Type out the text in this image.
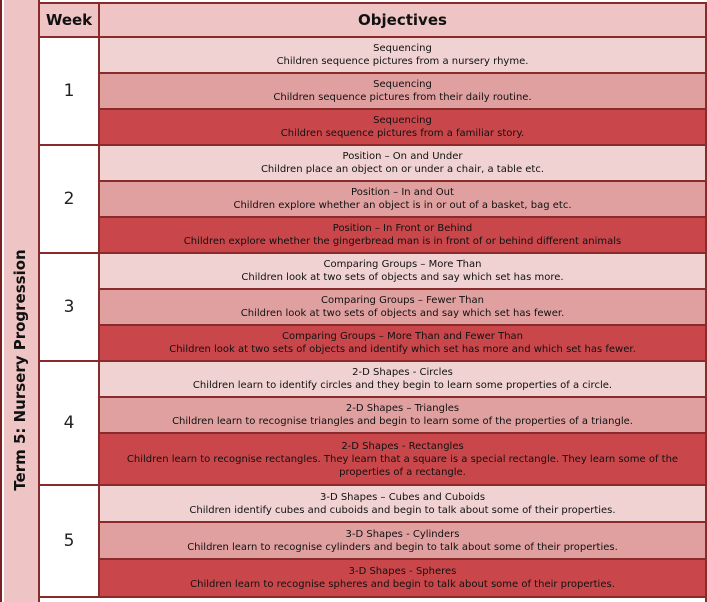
Term 5: Nursery Progression
Week	Objectives
1
Sequencing
Children sequence pictures from a nursery rhyme.
Sequencing
Children sequence pictures from their daily routine.
Sequencing
Children sequence pictures from a familiar story.
2
Position – On and Under
Children place an object on or under a chair, a table etc.
Position – In and Out
Children explore whether an object is in or out of a basket, bag etc.
Position – In Front or Behind
Children explore whether the gingerbread man is in front of or behind different animals
3
Comparing Groups – More Than
Children look at two sets of objects and say which set has more.
Comparing Groups – Fewer Than
Children look at two sets of objects and say which set has fewer.
Comparing Groups – More Than and Fewer Than
Children look at two sets of objects and identify which set has more and which set has fewer.
4
2-D Shapes - Circles
Children learn to identify circles and they begin to learn some properties of a circle.
2-D Shapes – Triangles
Children learn to recognise triangles and begin to learn some of the properties of a triangle.
2-D Shapes - Rectangles
Children learn to recognise rectangles. They learn that a square is a special rectangle. They learn some of the properties of a rectangle.
5
3-D Shapes – Cubes and Cuboids
Children identify cubes and cuboids and begin to talk about some of their properties.
3-D Shapes - Cylinders
Children learn to recognise cylinders and begin to talk about some of their properties.
3-D Shapes - Spheres
Children learn to recognise spheres and begin to talk about some of their properties.
